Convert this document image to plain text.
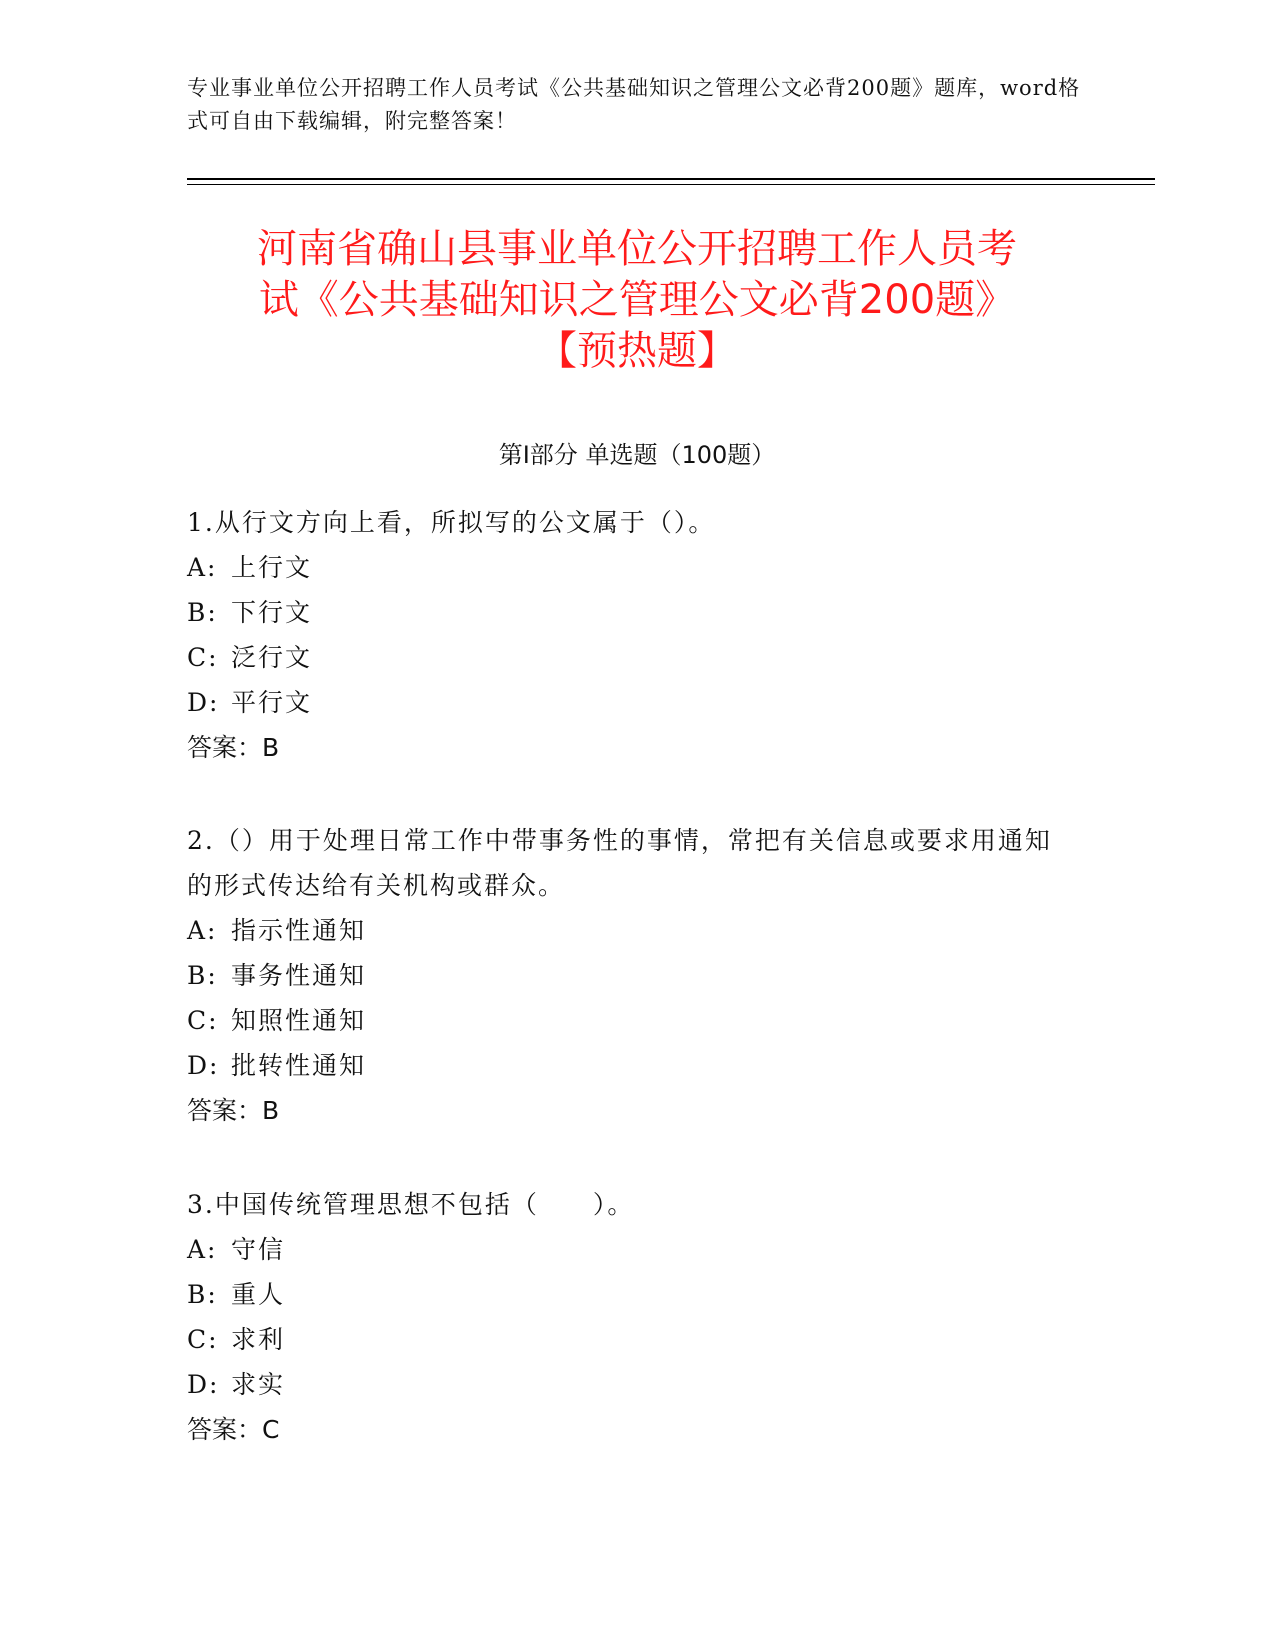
专业事业单位公开招聘工作人员考试《公共基础知识之管理公文必背200题》题库，word格式可自由下载编辑，附完整答案！
河南省确山县事业单位公开招聘工作人员考
试《公共基础知识之管理公文必背200题》
【预热题】
第I部分 单选题（100题）
1.从行文方向上看，所拟写的公文属于（）。
A: 上行文
B: 下行文
C: 泛行文
D: 平行文
答案：B
2.（）用于处理日常工作中带事务性的事情，常把有关信息或要求用通知的形式传达给有关机构或群众。
A: 指示性通知
B: 事务性通知
C: 知照性通知
D: 批转性通知
答案：B
3.中国传统管理思想不包括（　　）。
A: 守信
B: 重人
C: 求利
D: 求实
答案：C
